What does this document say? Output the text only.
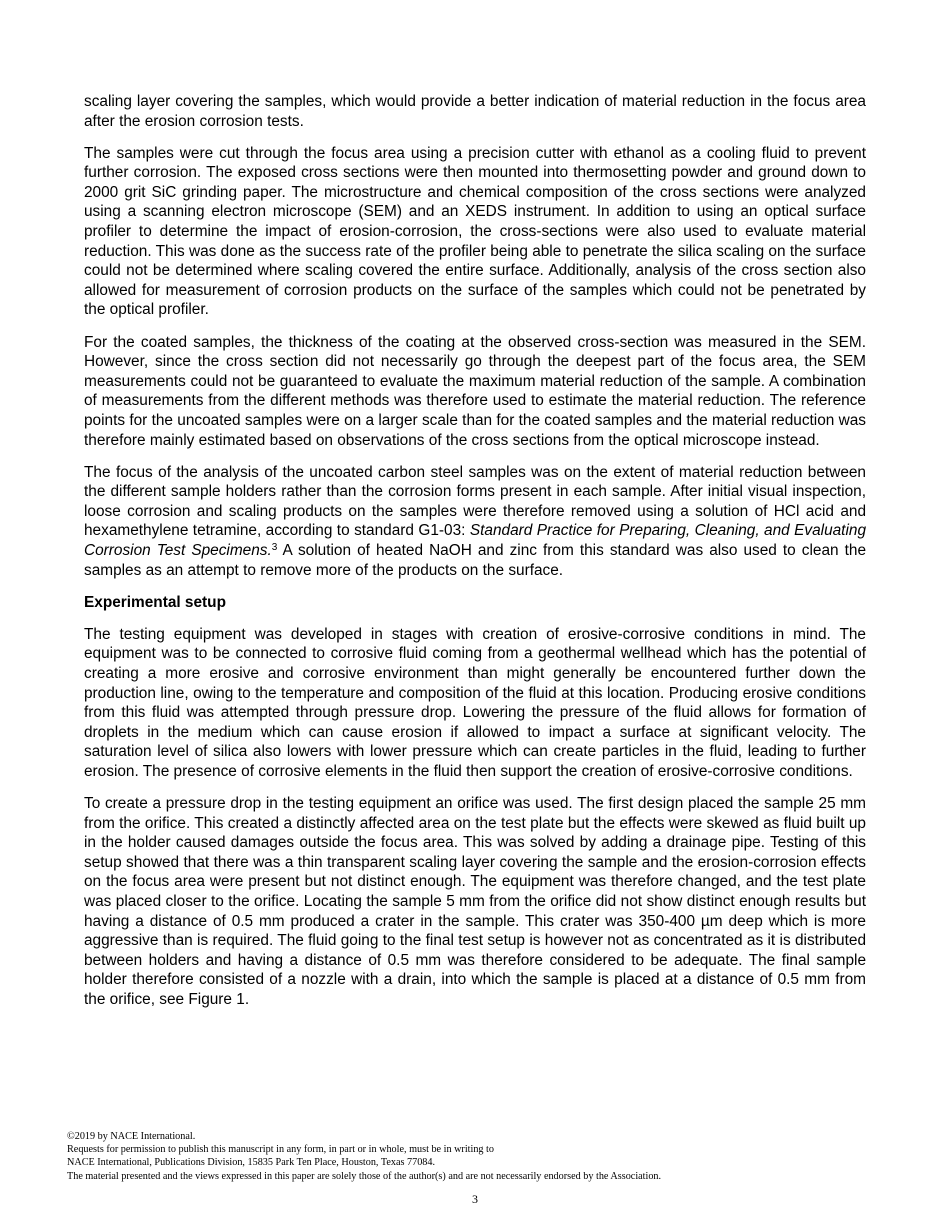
scaling layer covering the samples, which would provide a better indication of material reduction in the focus area after the erosion corrosion tests.

The samples were cut through the focus area using a precision cutter with ethanol as a cooling fluid to prevent further corrosion. The exposed cross sections were then mounted into thermosetting powder and ground down to 2000 grit SiC grinding paper. The microstructure and chemical composition of the cross sections were analyzed using a scanning electron microscope (SEM) and an XEDS instrument. In addition to using an optical surface profiler to determine the impact of erosion-corrosion, the cross-sections were also used to evaluate material reduction. This was done as the success rate of the profiler being able to penetrate the silica scaling on the surface could not be determined where scaling covered the entire surface. Additionally, analysis of the cross section also allowed for measurement of corrosion products on the surface of the samples which could not be penetrated by the optical profiler.

For the coated samples, the thickness of the coating at the observed cross-section was measured in the SEM. However, since the cross section did not necessarily go through the deepest part of the focus area, the SEM measurements could not be guaranteed to evaluate the maximum material reduction of the sample. A combination of measurements from the different methods was therefore used to estimate the material reduction. The reference points for the uncoated samples were on a larger scale than for the coated samples and the material reduction was therefore mainly estimated based on observations of the cross sections from the optical microscope instead.

The focus of the analysis of the uncoated carbon steel samples was on the extent of material reduction between the different sample holders rather than the corrosion forms present in each sample. After initial visual inspection, loose corrosion and scaling products on the samples were therefore removed using a solution of HCl acid and hexamethylene tetramine, according to standard G1-03: Standard Practice for Preparing, Cleaning, and Evaluating Corrosion Test Specimens.$^3$ A solution of heated NaOH and zinc from this standard was also used to clean the samples as an attempt to remove more of the products on the surface.

Experimental setup

The testing equipment was developed in stages with creation of erosive-corrosive conditions in mind. The equipment was to be connected to corrosive fluid coming from a geothermal wellhead which has the potential of creating a more erosive and corrosive environment than might generally be encountered further down the production line, owing to the temperature and composition of the fluid at this location. Producing erosive conditions from this fluid was attempted through pressure drop. Lowering the pressure of the fluid allows for formation of droplets in the medium which can cause erosion if allowed to impact a surface at significant velocity. The saturation level of silica also lowers with lower pressure which can create particles in the fluid, leading to further erosion. The presence of corrosive elements in the fluid then support the creation of erosive-corrosive conditions.

To create a pressure drop in the testing equipment an orifice was used. The first design placed the sample 25 mm from the orifice. This created a distinctly affected area on the test plate but the effects were skewed as fluid built up in the holder caused damages outside the focus area. This was solved by adding a drainage pipe. Testing of this setup showed that there was a thin transparent scaling layer covering the sample and the erosion-corrosion effects on the focus area were present but not distinct enough. The equipment was therefore changed, and the test plate was placed closer to the orifice. Locating the sample 5 mm from the orifice did not show distinct enough results but having a distance of 0.5 mm produced a crater in the sample. This crater was 350-400 µm deep which is more aggressive than is required. The fluid going to the final test setup is however not as concentrated as it is distributed between holders and having a distance of 0.5 mm was therefore considered to be adequate. The final sample holder therefore consisted of a nozzle with a drain, into which the sample is placed at a distance of 0.5 mm from the orifice, see Figure 1.

©2019 by NACE International.
Requests for permission to publish this manuscript in any form, in part or in whole, must be in writing to
NACE International, Publications Division, 15835 Park Ten Place, Houston, Texas 77084.
The material presented and the views expressed in this paper are solely those of the author(s) and are not necessarily endorsed by the Association.
3
